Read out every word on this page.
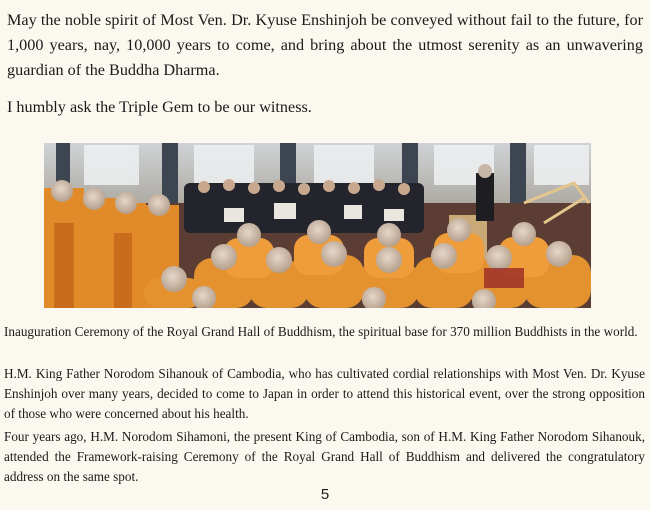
May the noble spirit of Most Ven. Dr. Kyuse Enshinjoh be conveyed without fail to the future, for 1,000 years, nay, 10,000 years to come, and bring about the utmost serenity as an unwavering guardian of the Buddha Dharma.

I humbly ask the Triple Gem to be our witness.

Inauguration Ceremony of the Royal Grand Hall of Buddhism, the spiritual base for 370 million Buddhists in the world.

H.M. King Father Norodom Sihanouk of Cambodia, who has cultivated cordial relationships with Most Ven. Dr. Kyuse Enshinjoh over many years, decided to come to Japan in order to attend this historical event, over the strong opposition of those who were concerned about his health.

Four years ago, H.M. Norodom Sihamoni, the present King of Cambodia, son of H.M. King Father Norodom Sihanouk, attended the Framework-raising Ceremony of the Royal Grand Hall of Buddhism and delivered the congratulatory address on the same spot.

5
